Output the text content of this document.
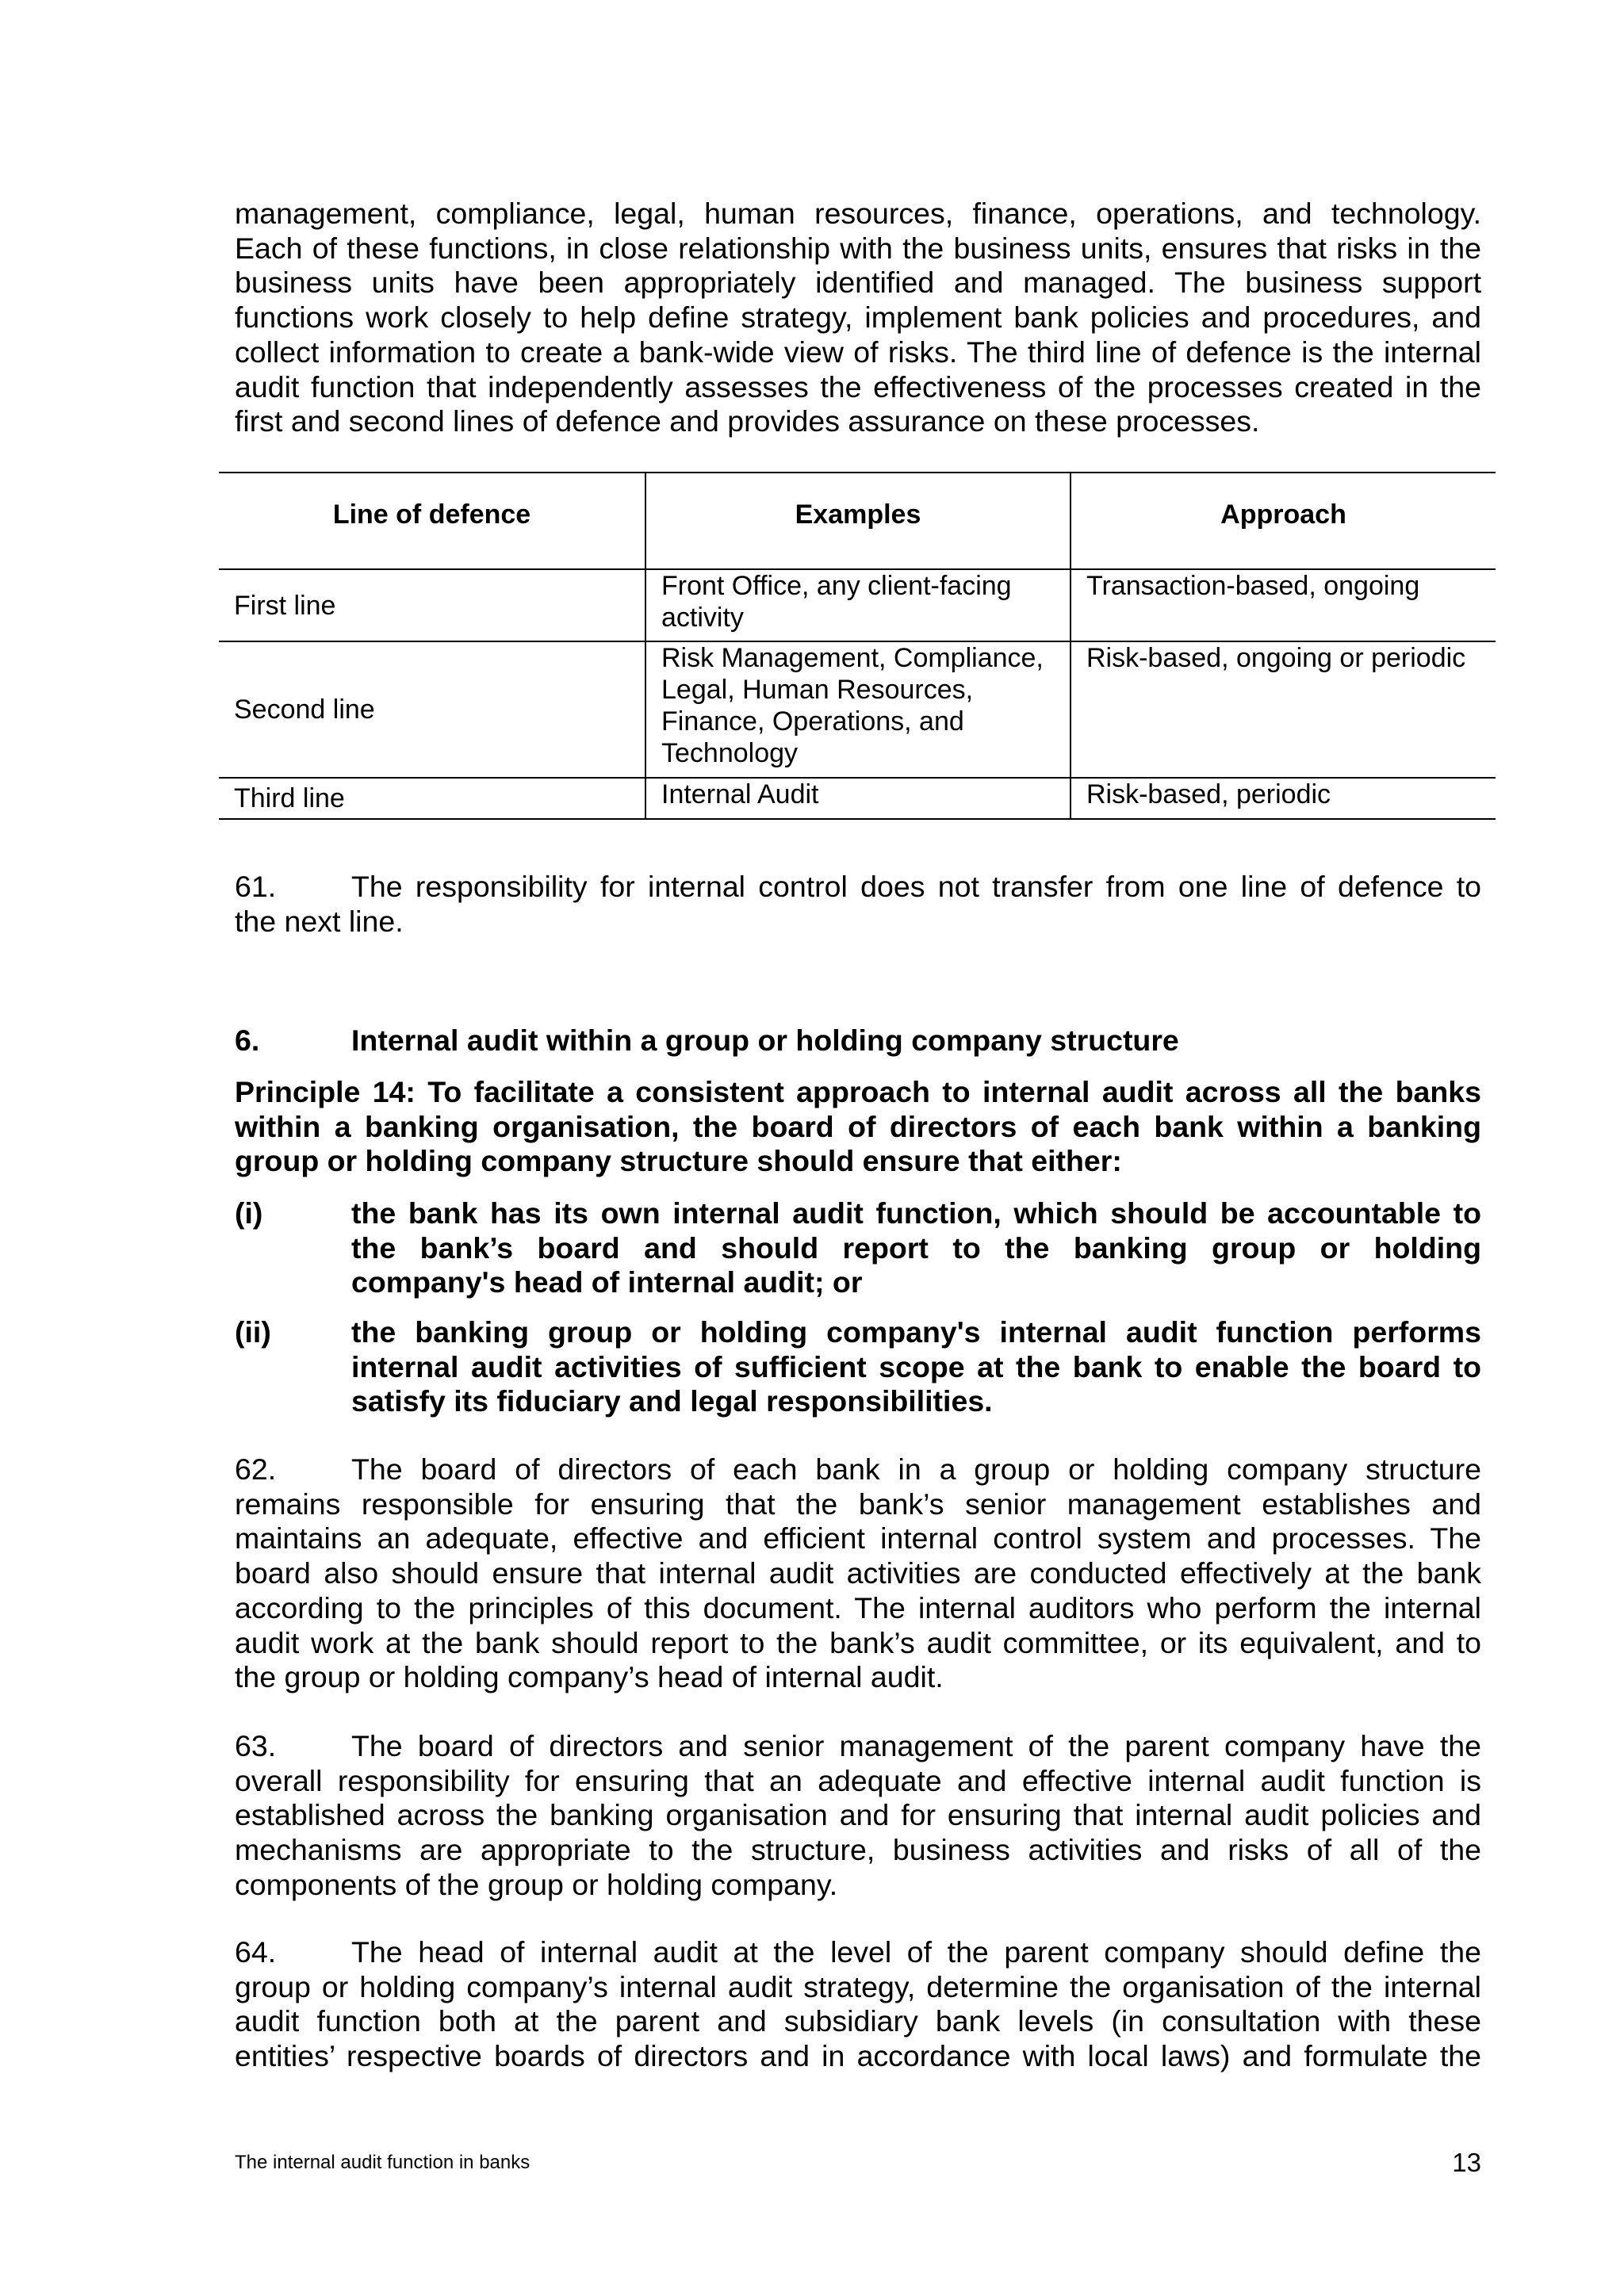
management, compliance, legal, human resources, finance, operations, and technology.
Each of these functions, in close relationship with the business units, ensures that risks in the
business units have been appropriately identified and managed. The business support
functions work closely to help define strategy, implement bank policies and procedures, and
collect information to create a bank-wide view of risks. The third line of defence is the internal
audit function that independently assesses the effectiveness of the processes created in the
first and second lines of defence and provides assurance on these processes.
Line of defence	Examples	Approach
First line	Front Office, any client-facing activity	Transaction-based, ongoing
Second line	Risk Management, Compliance, Legal, Human Resources, Finance, Operations, and Technology	Risk-based, ongoing or periodic
Third line	Internal Audit	Risk-based, periodic
61.	The responsibility for internal control does not transfer from one line of defence to
the next line.
6.	Internal audit within a group or holding company structure
Principle 14: To facilitate a consistent approach to internal audit across all the banks
within a banking organisation, the board of directors of each bank within a banking
group or holding company structure should ensure that either:
(i)	the bank has its own internal audit function, which should be accountable to
the bank’s board and should report to the banking group or holding
company's head of internal audit; or
(ii)	the banking group or holding company's internal audit function performs
internal audit activities of sufficient scope at the bank to enable the board to
satisfy its fiduciary and legal responsibilities.
62.	The board of directors of each bank in a group or holding company structure
remains responsible for ensuring that the bank’s senior management establishes and
maintains an adequate, effective and efficient internal control system and processes. The
board also should ensure that internal audit activities are conducted effectively at the bank
according to the principles of this document. The internal auditors who perform the internal
audit work at the bank should report to the bank’s audit committee, or its equivalent, and to
the group or holding company’s head of internal audit.
63.	The board of directors and senior management of the parent company have the
overall responsibility for ensuring that an adequate and effective internal audit function is
established across the banking organisation and for ensuring that internal audit policies and
mechanisms are appropriate to the structure, business activities and risks of all of the
components of the group or holding company.
64.	The head of internal audit at the level of the parent company should define the
group or holding company’s internal audit strategy, determine the organisation of the internal
audit function both at the parent and subsidiary bank levels (in consultation with these
entities’ respective boards of directors and in accordance with local laws) and formulate the
The internal audit function in banks	13
